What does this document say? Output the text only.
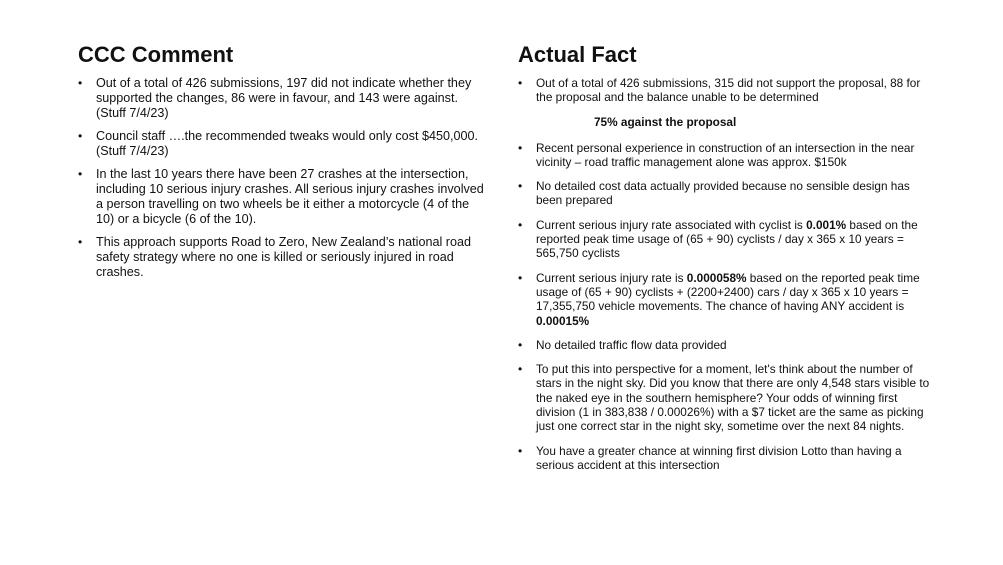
CCC Comment
• Out of a total of 426 submissions, 197 did not indicate whether they supported the changes, 86 were in favour, and 143 were against. (Stuff 7/4/23)
• Council staff ….the recommended tweaks would only cost $450,000. (Stuff 7/4/23)
• In the last 10 years there have been 27 crashes at the intersection, including 10 serious injury crashes. All serious injury crashes involved a person travelling on two wheels be it either a motorcycle (4 of the 10) or a bicycle (6 of the 10).
• This approach supports Road to Zero, New Zealand’s national road safety strategy where no one is killed or seriously injured in road crashes.
Actual Fact
• Out of a total of 426 submissions, 315 did not support the proposal, 88 for the proposal and the balance unable to be determined
75% against the proposal
• Recent personal experience in construction of an intersection in the near vicinity – road traffic management alone was approx. $150k
• No detailed cost data actually provided because no sensible design has been prepared
• Current serious injury rate associated with cyclist is 0.001% based on the reported peak time usage of (65 + 90) cyclists / day x 365 x 10 years = 565,750 cyclists
• Current serious injury rate is 0.000058% based on the reported peak time usage of (65 + 90) cyclists + (2200+2400) cars / day x 365 x 10 years = 17,355,750 vehicle movements. The chance of having ANY accident is 0.00015%
• No detailed traffic flow data provided
• To put this into perspective for a moment, let's think about the number of stars in the night sky. Did you know that there are only 4,548 stars visible to the naked eye in the southern hemisphere? Your odds of winning first division (1 in 383,838 / 0.00026%) with a $7 ticket are the same as picking just one correct star in the night sky, sometime over the next 84 nights.
• You have a greater chance at winning first division Lotto than having a serious accident at this intersection
